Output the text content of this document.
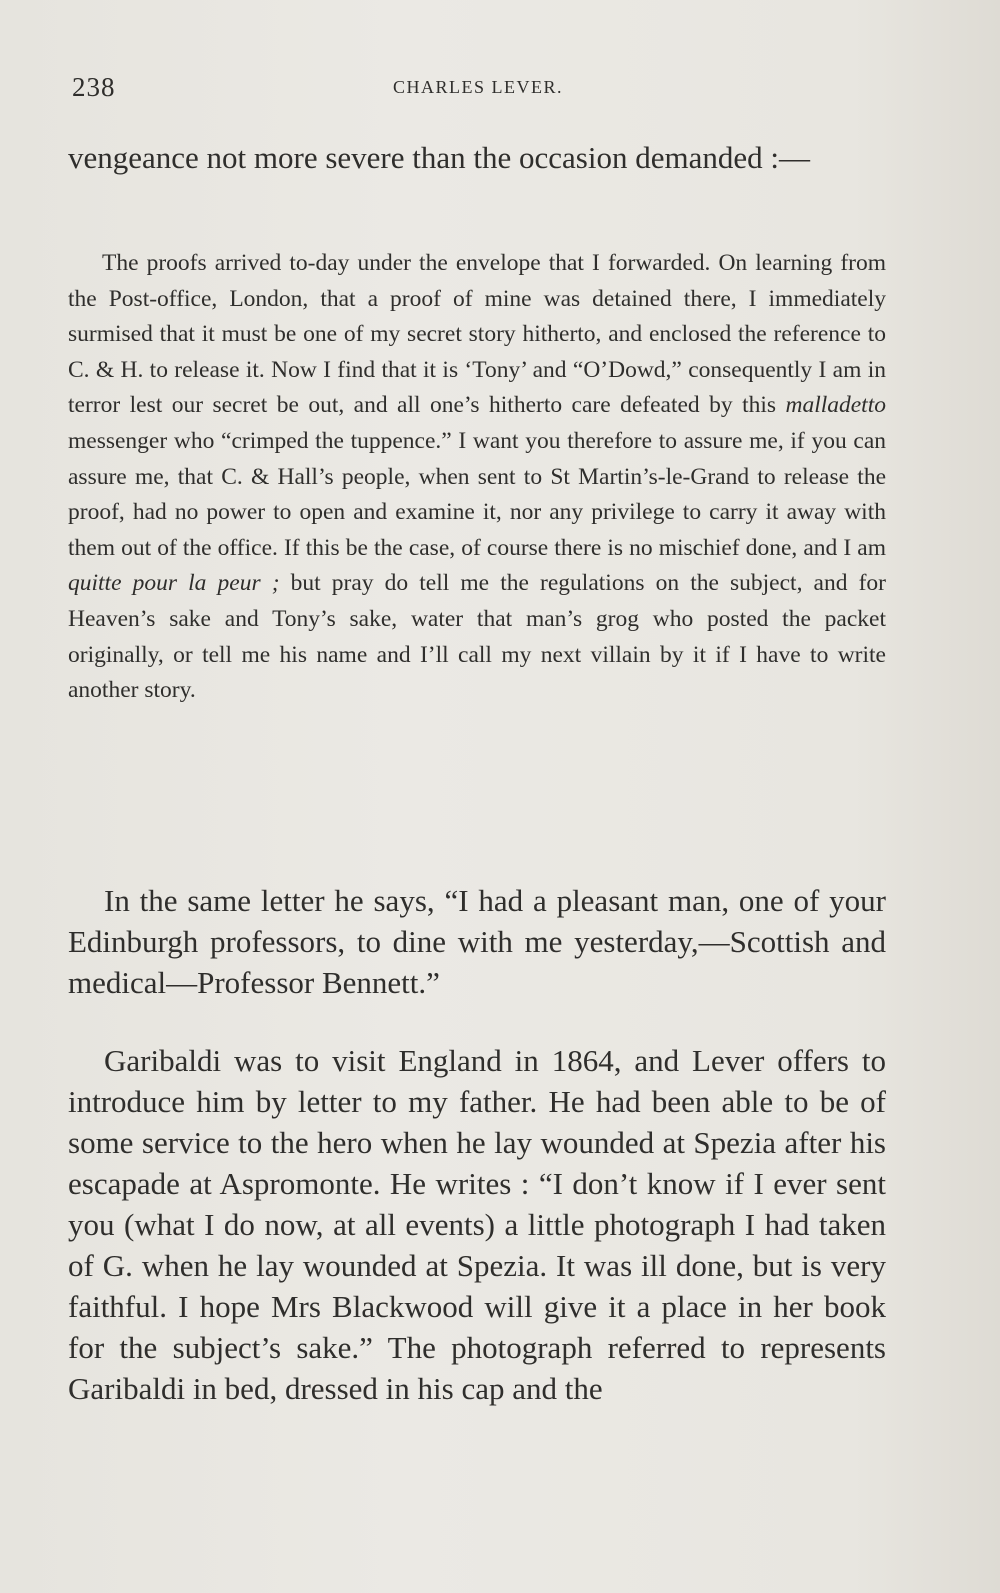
238	CHARLES LEVER.

vengeance not more severe than the occasion demanded :—

The proofs arrived to-day under the envelope that I forwarded. On learning from the Post-office, London, that a proof of mine was detained there, I immediately surmised that it must be one of my secret story hitherto, and enclosed the reference to C. & H. to release it. Now I find that it is ‘Tony’ and “O’Dowd,” consequently I am in terror lest our secret be out, and all one’s hitherto care defeated by this malladetto messenger who “crimped the tuppence.” I want you therefore to assure me, if you can assure me, that C. & Hall’s people, when sent to St Martin’s-le-Grand to release the proof, had no power to open and examine it, nor any privilege to carry it away with them out of the office. If this be the case, of course there is no mischief done, and I am quitte pour la peur ; but pray do tell me the regulations on the subject, and for Heaven’s sake and Tony’s sake, water that man’s grog who posted the packet originally, or tell me his name and I’ll call my next villain by it if I have to write another story.

In the same letter he says, “I had a pleasant man, one of your Edinburgh professors, to dine with me yesterday,—Scottish and medical—Professor Bennett.”

Garibaldi was to visit England in 1864, and Lever offers to introduce him by letter to my father. He had been able to be of some service to the hero when he lay wounded at Spezia after his escapade at Aspromonte. He writes : “I don’t know if I ever sent you (what I do now, at all events) a little photograph I had taken of G. when he lay wounded at Spezia. It was ill done, but is very faithful. I hope Mrs Blackwood will give it a place in her book for the subject’s sake.” The photograph referred to represents Garibaldi in bed, dressed in his cap and the
